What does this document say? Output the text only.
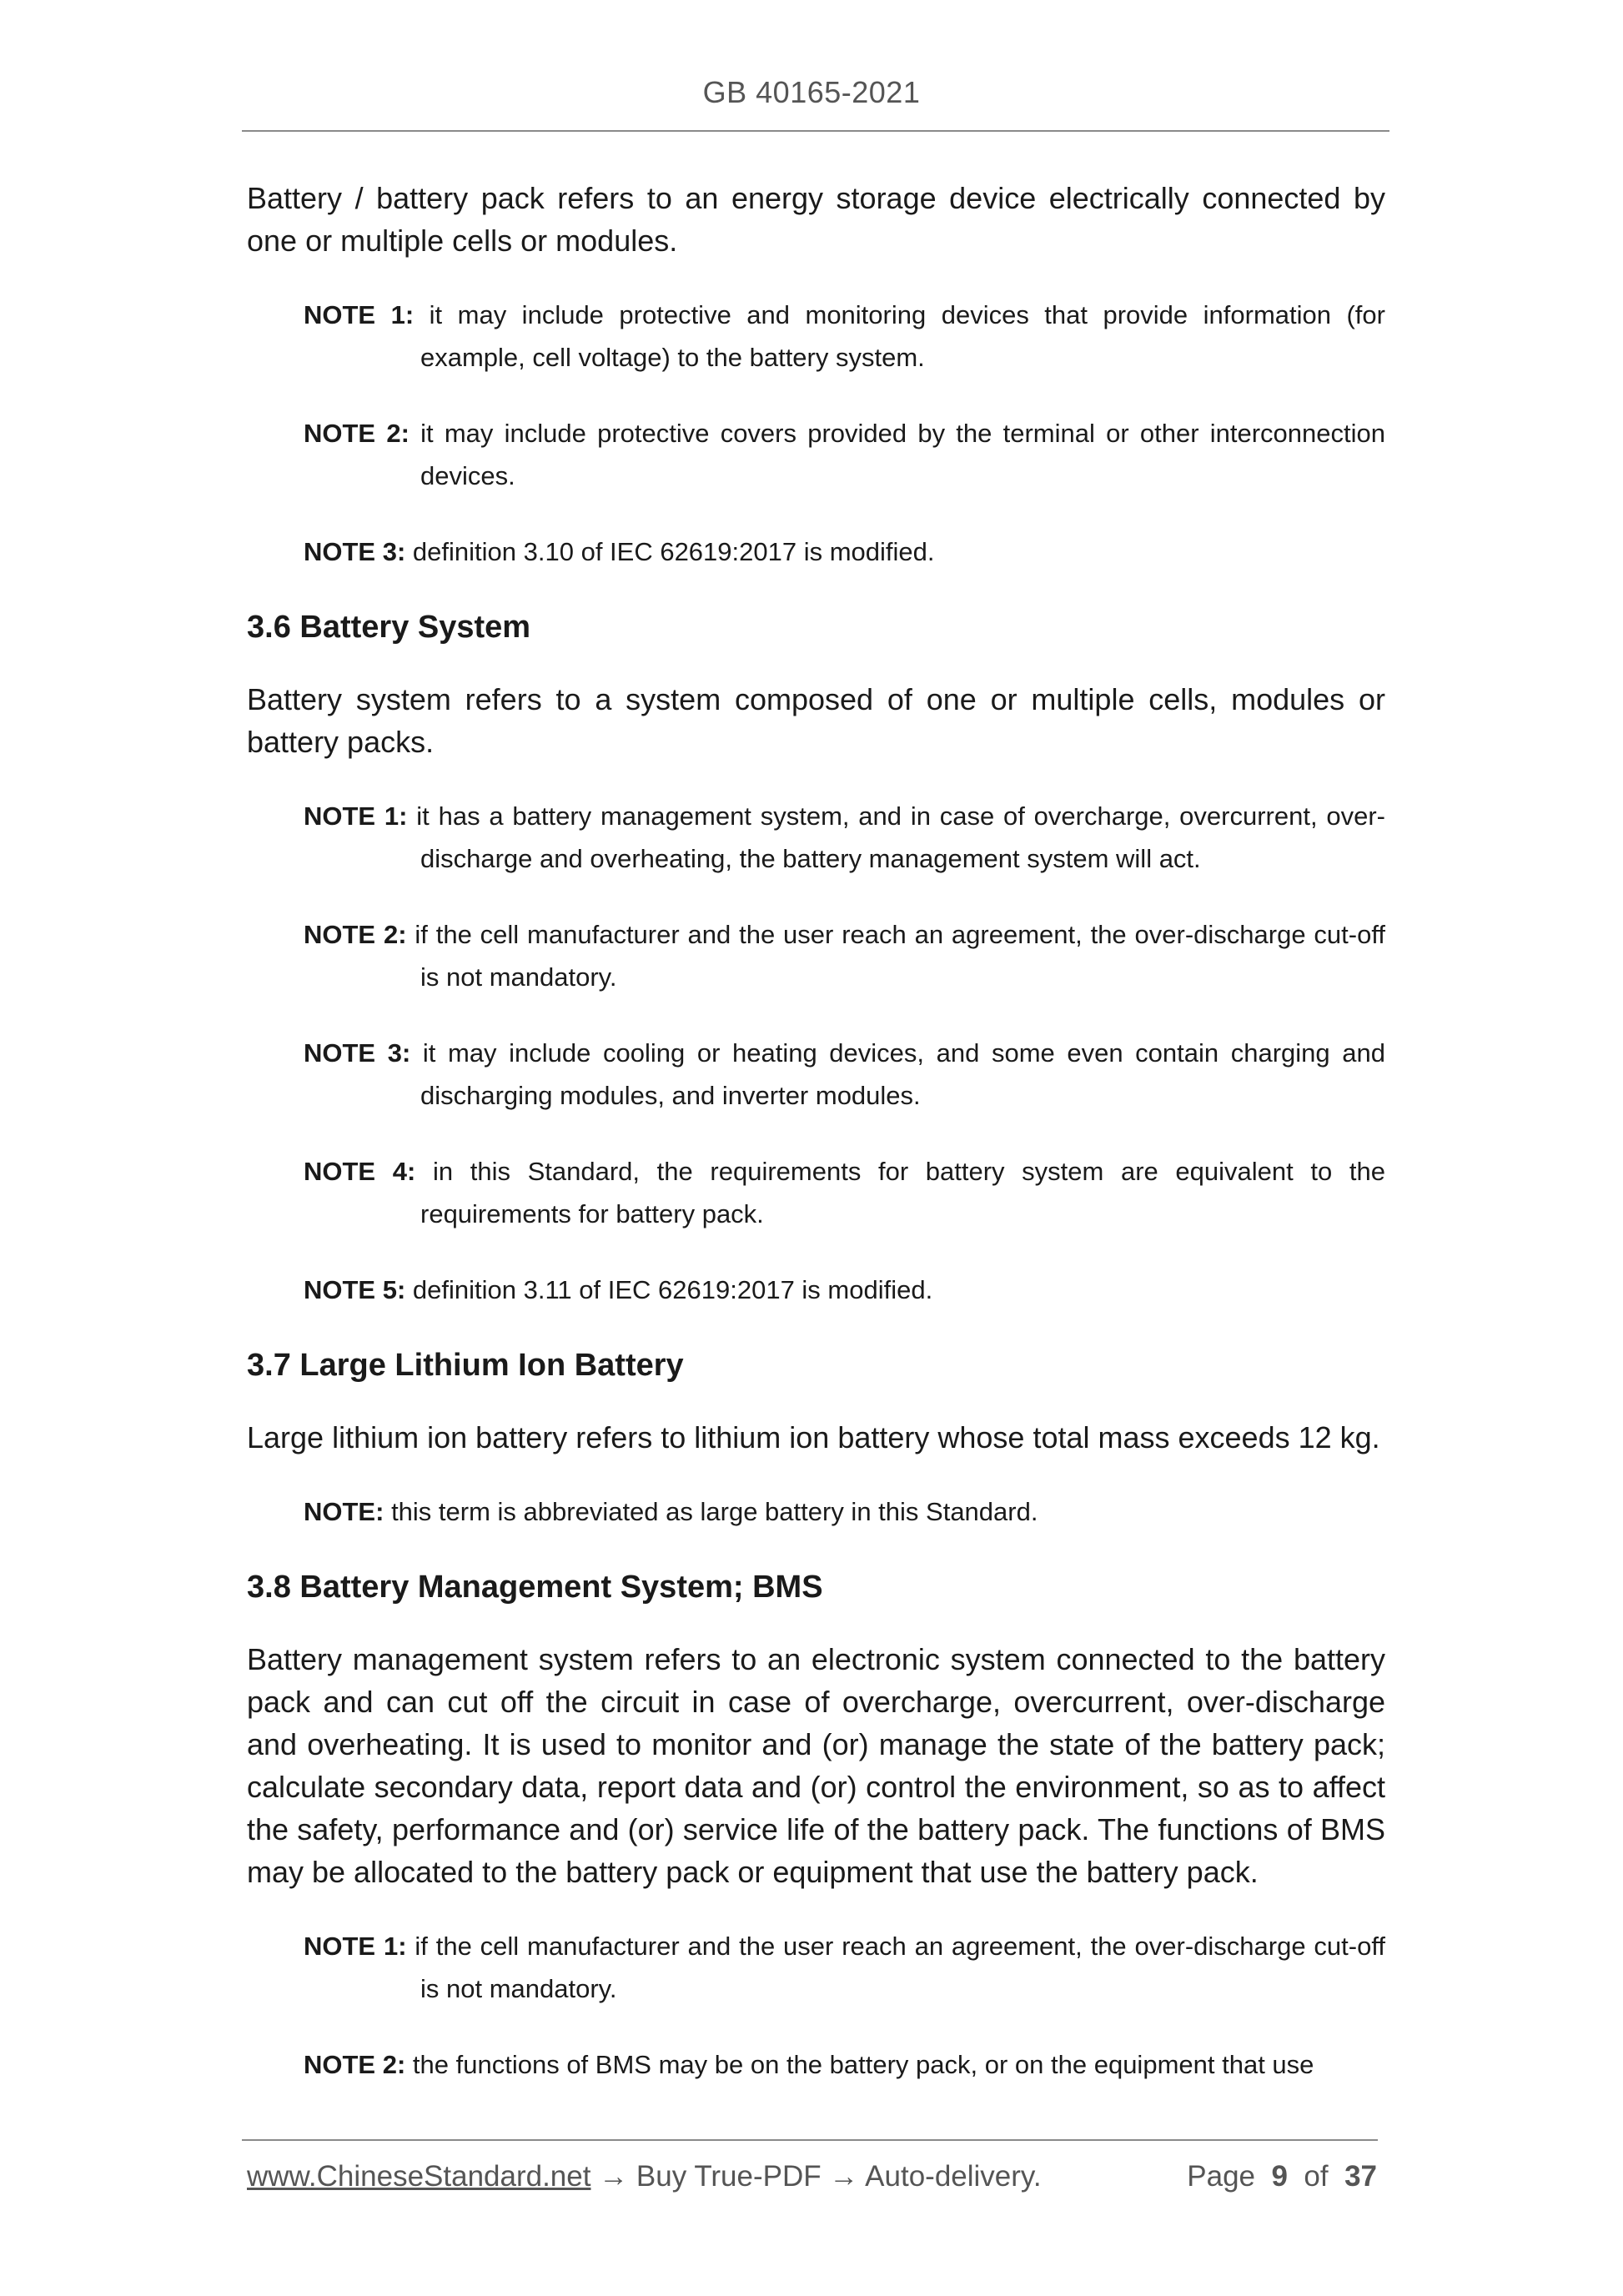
GB 40165-2021

Battery / battery pack refers to an energy storage device electrically connected by one or multiple cells or modules.

NOTE 1: it may include protective and monitoring devices that provide information (for example, cell voltage) to the battery system.

NOTE 2: it may include protective covers provided by the terminal or other interconnection devices.

NOTE 3: definition 3.10 of IEC 62619:2017 is modified.

3.6 Battery System

Battery system refers to a system composed of one or multiple cells, modules or battery packs.

NOTE 1: it has a battery management system, and in case of overcharge, overcurrent, over-discharge and overheating, the battery management system will act.

NOTE 2: if the cell manufacturer and the user reach an agreement, the over-discharge cut-off is not mandatory.

NOTE 3: it may include cooling or heating devices, and some even contain charging and discharging modules, and inverter modules.

NOTE 4: in this Standard, the requirements for battery system are equivalent to the requirements for battery pack.

NOTE 5: definition 3.11 of IEC 62619:2017 is modified.

3.7 Large Lithium Ion Battery

Large lithium ion battery refers to lithium ion battery whose total mass exceeds 12 kg.

NOTE: this term is abbreviated as large battery in this Standard.

3.8 Battery Management System; BMS

Battery management system refers to an electronic system connected to the battery pack and can cut off the circuit in case of overcharge, overcurrent, over-discharge and overheating. It is used to monitor and (or) manage the state of the battery pack; calculate secondary data, report data and (or) control the environment, so as to affect the safety, performance and (or) service life of the battery pack. The functions of BMS may be allocated to the battery pack or equipment that use the battery pack.

NOTE 1: if the cell manufacturer and the user reach an agreement, the over-discharge cut-off is not mandatory.

NOTE 2: the functions of BMS may be on the battery pack, or on the equipment that use

www.ChineseStandard.net → Buy True-PDF → Auto-delivery.	Page 9 of 37
